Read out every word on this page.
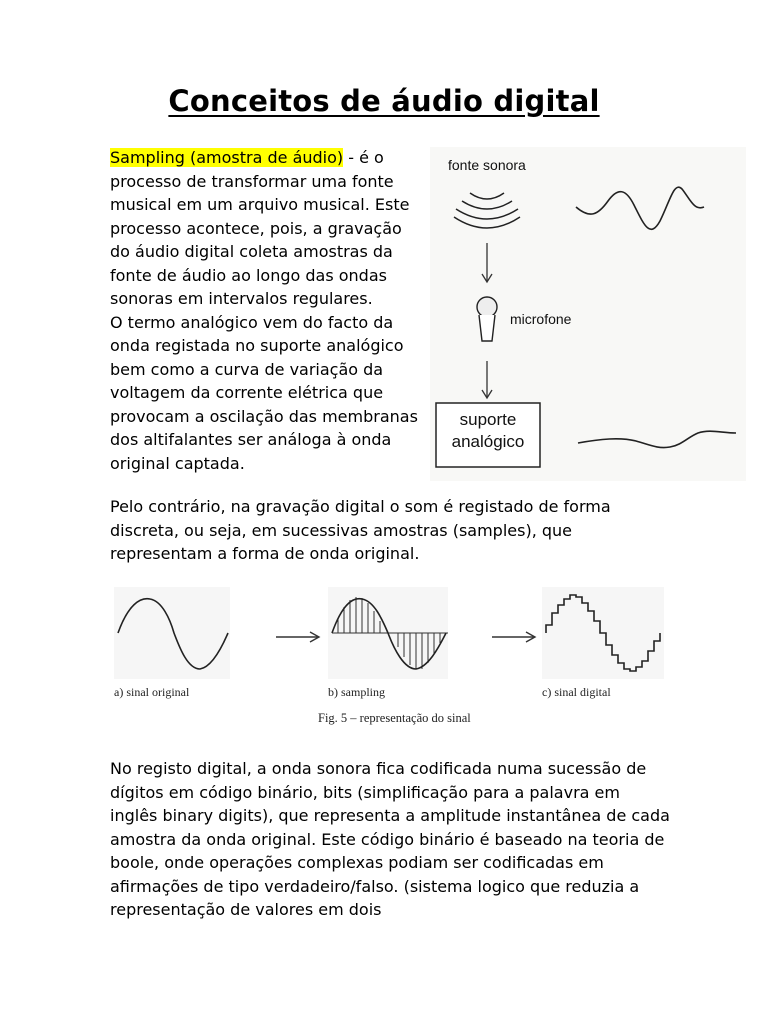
Conceitos de áudio digital
Sampling (amostra de áudio) - é o processo de transformar uma fonte musical em um arquivo musical. Este processo acontece, pois, a gravação do áudio digital coleta amostras da fonte de áudio ao longo das ondas sonoras em intervalos regulares.
O termo analógico vem do facto da onda registada no suporte analógico bem como a curva de variação da voltagem da corrente elétrica que provocam a oscilação das membranas dos altifalantes ser análoga à onda original captada.
fonte sonora
microfone
suporte
analógico
Pelo contrário, na gravação digital o som é registado de forma discreta, ou seja, em sucessivas amostras (samples), que representam a forma de onda original.
a) sinal original	b) sampling	c) sinal digital
Fig. 5 – representação do sinal
No registo digital, a onda sonora fica codificada numa sucessão de dígitos em código binário, bits (simplificação para a palavra em inglês binary digits), que representa a amplitude instantânea de cada amostra da onda original. Este código binário é baseado na teoria de boole, onde operações complexas podiam ser codificadas em afirmações de tipo verdadeiro/falso. (sistema logico que reduzia a representação de valores em dois
